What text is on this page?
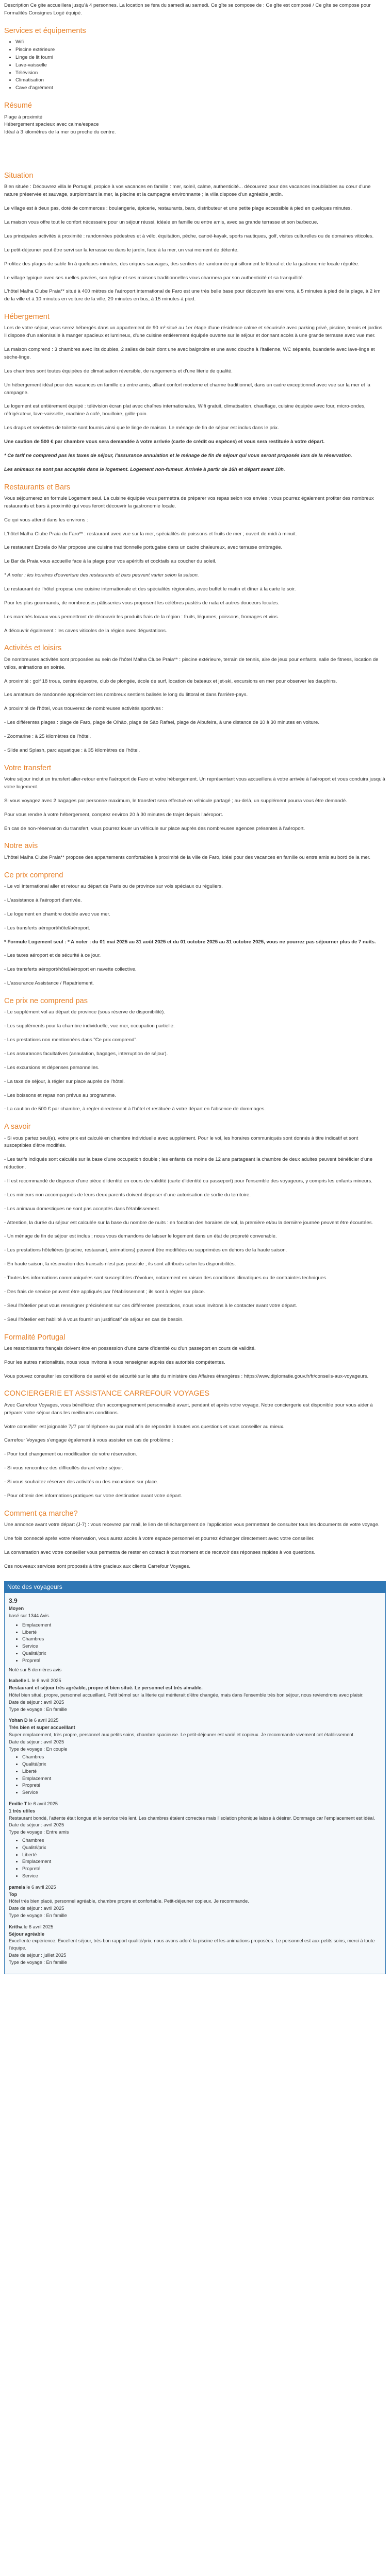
Description Ce gite accueillera jusqu'à 4 personnes. La location se fera du samedi au samedi. Ce gîte se compose de : Ce gîte est composé / Ce gîte se compose pour Formalités Consignes Logé équipé.

Services et équipements
• Wifi
• Piscine extérieure
• Linge de lit fourni
• Lave-vaisselle
• Télévision
• Climatisation
• Cave d'agrément
Résumé

Plage à proximité
Hébergement spacieux avec calme/espace
Idéal à 3 kilomètres de la mer ou proche du centre.

Situation

Bien située : Découvrez villa le Portugal, propice à vos vacances en famille : mer, soleil, calme, authenticité... découvrez pour des vacances inoubliables au cœur d'une nature préservée et sauvage, surplombant la mer, la piscine et la campagne environnante ; la villa dispose d'un agréable jardin.

Le village est à deux pas, doté de commerces : boulangerie, épicerie, restaurants, bars, distributeur et une petite plage accessible à pied en quelques minutes.

La maison vous offre tout le confort nécessaire pour un séjour réussi, idéale en famille ou entre amis, avec sa grande terrasse et son barbecue.

Les principales activités à proximité : randonnées pédestres et à vélo, équitation, pêche, canoë-kayak, sports nautiques, golf, visites culturelles ou de domaines viticoles.

Le petit-déjeuner peut être servi sur la terrasse ou dans le jardin, face à la mer, un vrai moment de détente.

Profitez des plages de sable fin à quelques minutes, des criques sauvages, des sentiers de randonnée qui sillonnent le littoral et de la gastronomie locale réputée.

Le village typique avec ses ruelles pavées, son église et ses maisons traditionnelles vous charmera par son authenticité et sa tranquillité.

L'hôtel Malha Clube Praia** situé à 400 mètres de l'aéroport international de Faro est une très belle base pour découvrir les environs, à 5 minutes à pied de la plage, à 2 km de la ville et à 10 minutes en voiture de la ville, 20 minutes en bus, à 15 minutes à pied.

Hébergement

Lors de votre séjour, vous serez hébergés dans un appartement de 90 m² situé au 1er étage d'une résidence calme et sécurisée avec parking privé, piscine, tennis et jardins. Il dispose d'un salon/salle à manger spacieux et lumineux, d'une cuisine entièrement équipée ouverte sur le séjour et donnant accès à une grande terrasse avec vue mer.

La maison comprend : 3 chambres avec lits doubles, 2 salles de bain dont une avec baignoire et une avec douche à l'italienne, WC séparés, buanderie avec lave-linge et sèche-linge.

Les chambres sont toutes équipées de climatisation réversible, de rangements et d'une literie de qualité.

Un hébergement idéal pour des vacances en famille ou entre amis, alliant confort moderne et charme traditionnel, dans un cadre exceptionnel avec vue sur la mer et la campagne.

Le logement est entièrement équipé : télévision écran plat avec chaînes internationales, Wifi gratuit, climatisation, chauffage, cuisine équipée avec four, micro-ondes, réfrigérateur, lave-vaisselle, machine à café, bouilloire, grille-pain.

Les draps et serviettes de toilette sont fournis ainsi que le linge de maison. Le ménage de fin de séjour est inclus dans le prix.

Une caution de 500 € par chambre vous sera demandée à votre arrivée (carte de crédit ou espèces) et vous sera restituée à votre départ.

* Ce tarif ne comprend pas les taxes de séjour, l'assurance annulation et le ménage de fin de séjour qui vous seront proposés lors de la réservation.

Les animaux ne sont pas acceptés dans le logement. Logement non-fumeur. Arrivée à partir de 16h et départ avant 10h.

Restaurants et Bars

Vous séjournerez en formule Logement seul. La cuisine équipée vous permettra de préparer vos repas selon vos envies ; vous pourrez également profiter des nombreux restaurants et bars à proximité qui vous feront découvrir la gastronomie locale.

Ce qui vous attend dans les environs :

L'hôtel Malha Clube Praia du Faro** : restaurant avec vue sur la mer, spécialités de poissons et fruits de mer ; ouvert de midi à minuit.

Le restaurant Estrela do Mar propose une cuisine traditionnelle portugaise dans un cadre chaleureux, avec terrasse ombragée.

Le Bar da Praia vous accueille face à la plage pour vos apéritifs et cocktails au coucher du soleil.

* A noter : les horaires d'ouverture des restaurants et bars peuvent varier selon la saison.

Le restaurant de l'hôtel propose une cuisine internationale et des spécialités régionales, avec buffet le matin et dîner à la carte le soir.

Pour les plus gourmands, de nombreuses pâtisseries vous proposent les célèbres pastéis de nata et autres douceurs locales.

Les marchés locaux vous permettront de découvrir les produits frais de la région : fruits, légumes, poissons, fromages et vins.

A découvrir également : les caves viticoles de la région avec dégustations.

Activités et loisirs

De nombreuses activités sont proposées au sein de l'hôtel Malha Clube Praia** : piscine extérieure, terrain de tennis, aire de jeux pour enfants, salle de fitness, location de vélos, animations en soirée.

A proximité : golf 18 trous, centre équestre, club de plongée, école de surf, location de bateaux et jet-ski, excursions en mer pour observer les dauphins.

Les amateurs de randonnée apprécieront les nombreux sentiers balisés le long du littoral et dans l'arrière-pays.

A proximité de l'hôtel, vous trouverez de nombreuses activités sportives :

- Les différentes plages : plage de Faro, plage de Olhão, plage de São Rafael, plage de Albufeira, à une distance de 10 à 30 minutes en voiture.

- Zoomarine : à 25 kilomètres de l'hôtel.

- Slide and Splash, parc aquatique : à 35 kilomètres de l'hôtel.

Votre transfert

Votre séjour inclut un transfert aller-retour entre l'aéroport de Faro et votre hébergement. Un représentant vous accueillera à votre arrivée à l'aéroport et vous conduira jusqu'à votre logement.

Si vous voyagez avec 2 bagages par personne maximum, le transfert sera effectué en véhicule partagé ; au-delà, un supplément pourra vous être demandé.

Pour vous rendre à votre hébergement, comptez environ 20 à 30 minutes de trajet depuis l'aéroport.

En cas de non-réservation du transfert, vous pourrez louer un véhicule sur place auprès des nombreuses agences présentes à l'aéroport.

Notre avis

L'hôtel Malha Clube Praia** propose des appartements confortables à proximité de la ville de Faro, idéal pour des vacances en famille ou entre amis au bord de la mer.

Ce prix comprend

- Le vol international aller et retour au départ de Paris ou de province sur vols spéciaux ou réguliers.

- L'assistance à l'aéroport d'arrivée.

- Le logement en chambre double avec vue mer.

- Les transferts aéroport/hôtel/aéroport.

* Formule Logement seul : * A noter : du 01 mai 2025 au 31 août 2025 et du 01 octobre 2025 au 31 octobre 2025, vous ne pourrez pas séjourner plus de 7 nuits.

- Les taxes aéroport et de sécurité à ce jour.

- Les transferts aéroport/hôtel/aéroport en navette collective.

- L'assurance Assistance / Rapatriement.

Ce prix ne comprend pas

- Le supplément vol au départ de province (sous réserve de disponibilité).

- Les suppléments pour la chambre individuelle, vue mer, occupation partielle.

- Les prestations non mentionnées dans "Ce prix comprend".

- Les assurances facultatives (annulation, bagages, interruption de séjour).

- Les excursions et dépenses personnelles.

- La taxe de séjour, à régler sur place auprès de l'hôtel.

- Les boissons et repas non prévus au programme.

- La caution de 500 € par chambre, à régler directement à l'hôtel et restituée à votre départ en l'absence de dommages.

A savoir

- Si vous partez seul(e), votre prix est calculé en chambre individuelle avec supplément. Pour le vol, les horaires communiqués sont donnés à titre indicatif et sont susceptibles d'être modifiés.

- Les tarifs indiqués sont calculés sur la base d'une occupation double ; les enfants de moins de 12 ans partageant la chambre de deux adultes peuvent bénéficier d'une réduction.

- Il est recommandé de disposer d'une pièce d'identité en cours de validité (carte d'identité ou passeport) pour l'ensemble des voyageurs, y compris les enfants mineurs.

- Les mineurs non accompagnés de leurs deux parents doivent disposer d'une autorisation de sortie du territoire.

- Les animaux domestiques ne sont pas acceptés dans l'établissement.

- Attention, la durée du séjour est calculée sur la base du nombre de nuits : en fonction des horaires de vol, la première et/ou la dernière journée peuvent être écourtées.

- Un ménage de fin de séjour est inclus ; nous vous demandons de laisser le logement dans un état de propreté convenable.

- Les prestations hôtelières (piscine, restaurant, animations) peuvent être modifiées ou supprimées en dehors de la haute saison.

- En haute saison, la réservation des transats n'est pas possible ; ils sont attribués selon les disponibilités.

- Toutes les informations communiquées sont susceptibles d'évoluer, notamment en raison des conditions climatiques ou de contraintes techniques.

- Des frais de service peuvent être appliqués par l'établissement ; ils sont à régler sur place.

- Seul l'hôtelier peut vous renseigner précisément sur ces différentes prestations, nous vous invitons à le contacter avant votre départ.

- Seul l'hôtelier est habilité à vous fournir un justificatif de séjour en cas de besoin.

Formalité Portugal

Les ressortissants français doivent être en possession d'une carte d'identité ou d'un passeport en cours de validité.

Pour les autres nationalités, nous vous invitons à vous renseigner auprès des autorités compétentes.

Vous pouvez consulter les conditions de santé et de sécurité sur le site du ministère des Affaires étrangères : https://www.diplomatie.gouv.fr/fr/conseils-aux-voyageurs.

CONCIERGERIE ET ASSISTANCE CARREFOUR VOYAGES

Avec Carrefour Voyages, vous bénéficiez d'un accompagnement personnalisé avant, pendant et après votre voyage. Notre conciergerie est disponible pour vous aider à préparer votre séjour dans les meilleures conditions.

Votre conseiller est joignable 7j/7 par téléphone ou par mail afin de répondre à toutes vos questions et vous conseiller au mieux.

Carrefour Voyages s'engage également à vous assister en cas de problème :

- Pour tout changement ou modification de votre réservation.

- Si vous rencontrez des difficultés durant votre séjour.

- Si vous souhaitez réserver des activités ou des excursions sur place.

- Pour obtenir des informations pratiques sur votre destination avant votre départ.

Comment ça marche?

Une annonce avant votre départ (J-7) : vous recevrez par mail, le lien de téléchargement de l'application vous permettant de consulter tous les documents de votre voyage.

Une fois connecté après votre réservation, vous aurez accès à votre espace personnel et pourrez échanger directement avec votre conseiller.

La conversation avec votre conseiller vous permettra de rester en contact à tout moment et de recevoir des réponses rapides à vos questions.

Ces nouveaux services sont proposés à titre gracieux aux clients Carrefour Voyages.

Note des voyageurs

3.9

Moyen

basé sur 1344 Avis.

• Emplacement
• Liberté
• Chambres
• Service
• Qualité/prix
• Propreté

Noté sur 5 dernières avis

Isabelle L le 6 avril 2025
Restaurant et séjour très agréable, propre et bien situé. Le personnel est très aimable.
Hôtel bien situé, propre, personnel accueillant. Petit bémol sur la literie qui mériterait d'être changée, mais dans l'ensemble très bon séjour, nous reviendrons avec plaisir.
Date de séjour : avril 2025
Type de voyage : En famille
Yohan D le 6 avril 2025
Très bien et super accueillant
Super emplacement, très propre, personnel aux petits soins, chambre spacieuse. Le petit-déjeuner est varié et copieux. Je recommande vivement cet établissement.
Date de séjour : avril 2025
Type de voyage : En couple
• Chambres
• Qualité/prix
• Liberté
• Emplacement
• Propreté
• Service
Emilie T le 6 avril 2025
1 très utiles
Restaurant bondé, l'attente était longue et le service très lent. Les chambres étaient correctes mais l'isolation phonique laisse à désirer. Dommage car l'emplacement est idéal.
Date de séjour : avril 2025
Type de voyage : Entre amis
• Chambres
• Qualité/prix
• Liberté
• Emplacement
• Propreté
• Service
pamela le 6 avril 2025
Top
Hôtel très bien placé, personnel agréable, chambre propre et confortable. Petit-déjeuner copieux. Je recommande.
Date de séjour : avril 2025
Type de voyage : En famille
Kritha le 6 avril 2025
Séjour agréable
Excellente expérience. Excellent séjour, très bon rapport qualité/prix, nous avons adoré la piscine et les animations proposées. Le personnel est aux petits soins, merci à toute l'équipe.
Date de séjour : juillet 2025
Type de voyage : En famille
